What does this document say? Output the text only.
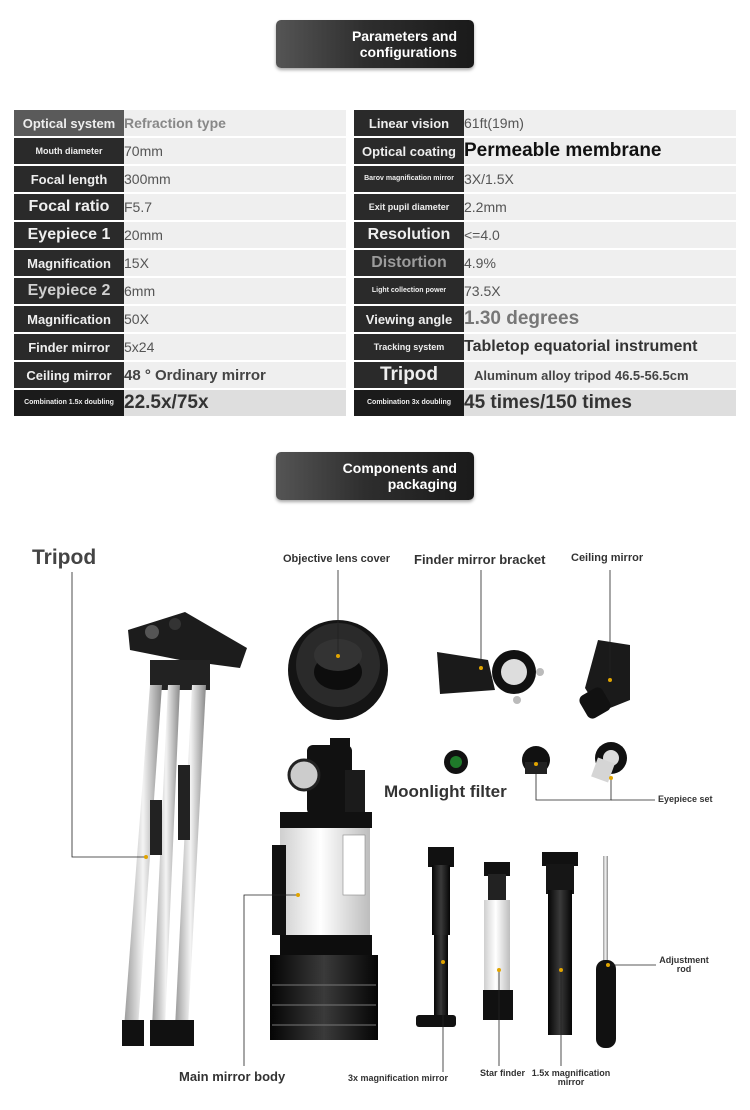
Parameters and
configurations
Optical system	Refraction type		Linear vision	61ft(19m)
Mouth diameter	70mm		Optical coating	Permeable membrane
Focal length	300mm		Barov magnification mirror	3X/1.5X
Focal ratio	F5.7		Exit pupil diameter	2.2mm
Eyepiece 1	20mm		Resolution	<=4.0
Magnification	15X		Distortion	4.9%
Eyepiece 2	6mm		Light collection power	73.5X
Magnification	50X		Viewing angle	1.30 degrees
Finder mirror	5x24		Tracking system	Tabletop equatorial instrument
Ceiling mirror	48 ° Ordinary mirror		Tripod	Aluminum alloy tripod 46.5-56.5cm
Combination 1.5x doubling	22.5x/75x		Combination 3x doubling	45 times/150 times
Components and
packaging
Tripod	Objective lens cover Finder mirror bracket Ceiling mirror
Moonlight filter	Eyepiece set
Main mirror body	3x magnification mirror	Star finder 1.5x magnification mirror
Adjustment rod
